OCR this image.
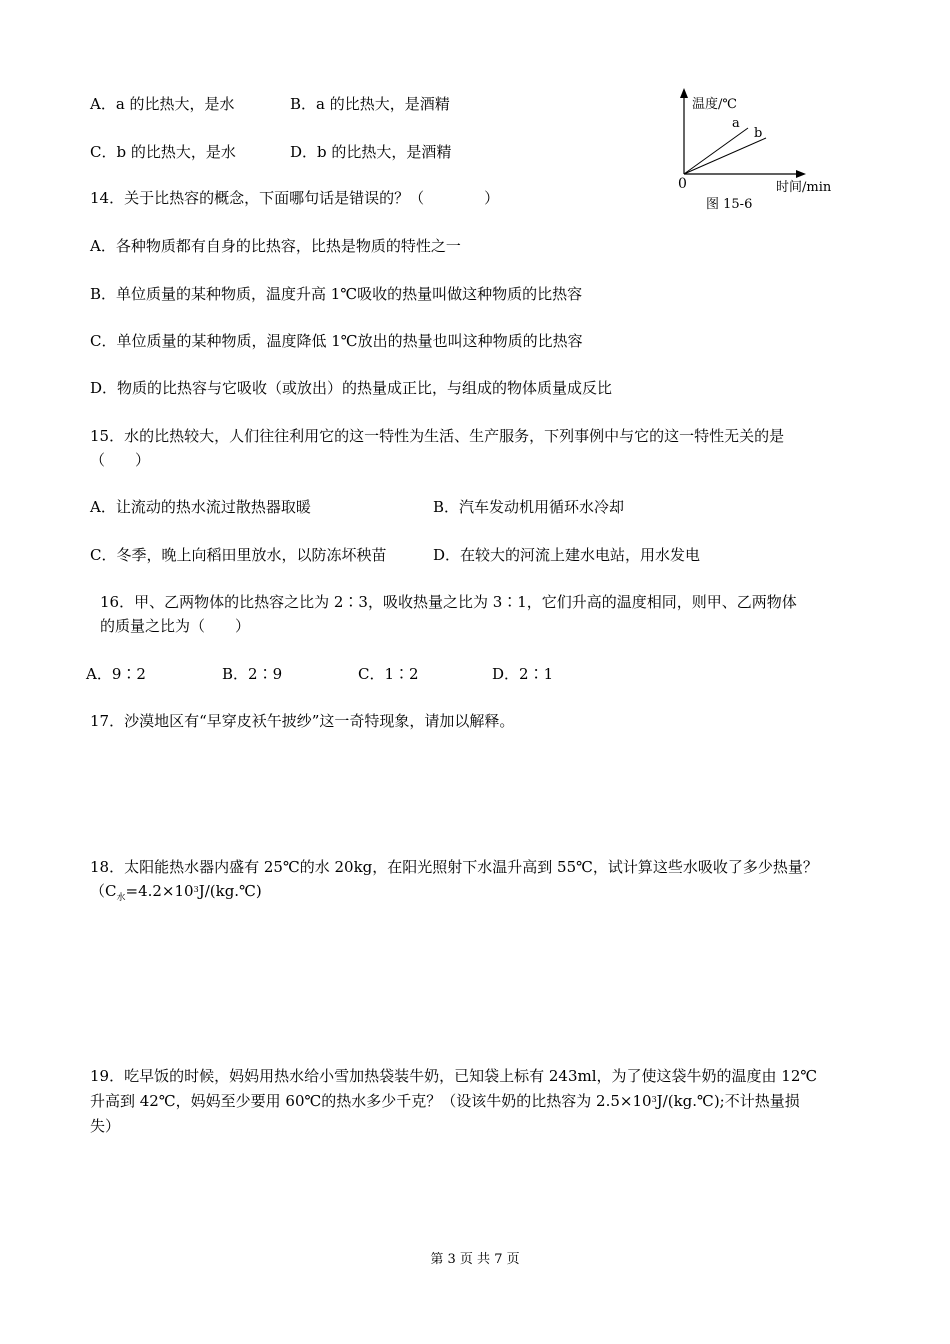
A．a 的比热大，是水	B．a 的比热大，是酒精
C．b 的比热大，是水	D．b 的比热大，是酒精
温度/℃
a
b
0	时间/min
图 15-6
14．关于比热容的概念，下面哪句话是错误的？（　　　　）
A．各种物质都有自身的比热容，比热是物质的特性之一
B．单位质量的某种物质，温度升高 1℃吸收的热量叫做这种物质的比热容
C．单位质量的某种物质，温度降低 1℃放出的热量也叫这种物质的比热容
D．物质的比热容与它吸收（或放出）的热量成正比，与组成的物体质量成反比
15．水的比热较大，人们往往利用它的这一特性为生活、生产服务，下列事例中与它的这一特性无关的是
（　　）
A．让流动的热水流过散热器取暖	B．汽车发动机用循环水冷却
C．冬季，晚上向稻田里放水，以防冻坏秧苗	D．在较大的河流上建水电站，用水发电
16．甲、乙两物体的比热容之比为 2∶3，吸收热量之比为 3∶1，它们升高的温度相同，则甲、乙两物体
的质量之比为（　　）
A．9∶2	B．2∶9	C．1∶2	D．2∶1
17．沙漠地区有“早穿皮袄午披纱”这一奇特现象，请加以解释。
18．太阳能热水器内盛有 25℃的水 20kg，在阳光照射下水温升高到 55℃，试计算这些水吸收了多少热量？
（$C_水=4.2\times 10^3J/(kg.℃)$
19．吃早饭的时候，妈妈用热水给小雪加热袋装牛奶，已知袋上标有 243ml，为了使这袋牛奶的温度由 12℃
升高到 42℃，妈妈至少要用 60℃的热水多少千克？（设该牛奶的比热容为 $2.5\times 10^3J/(kg.℃)$;不计热量损
失）
第 3 页 共 7 页
